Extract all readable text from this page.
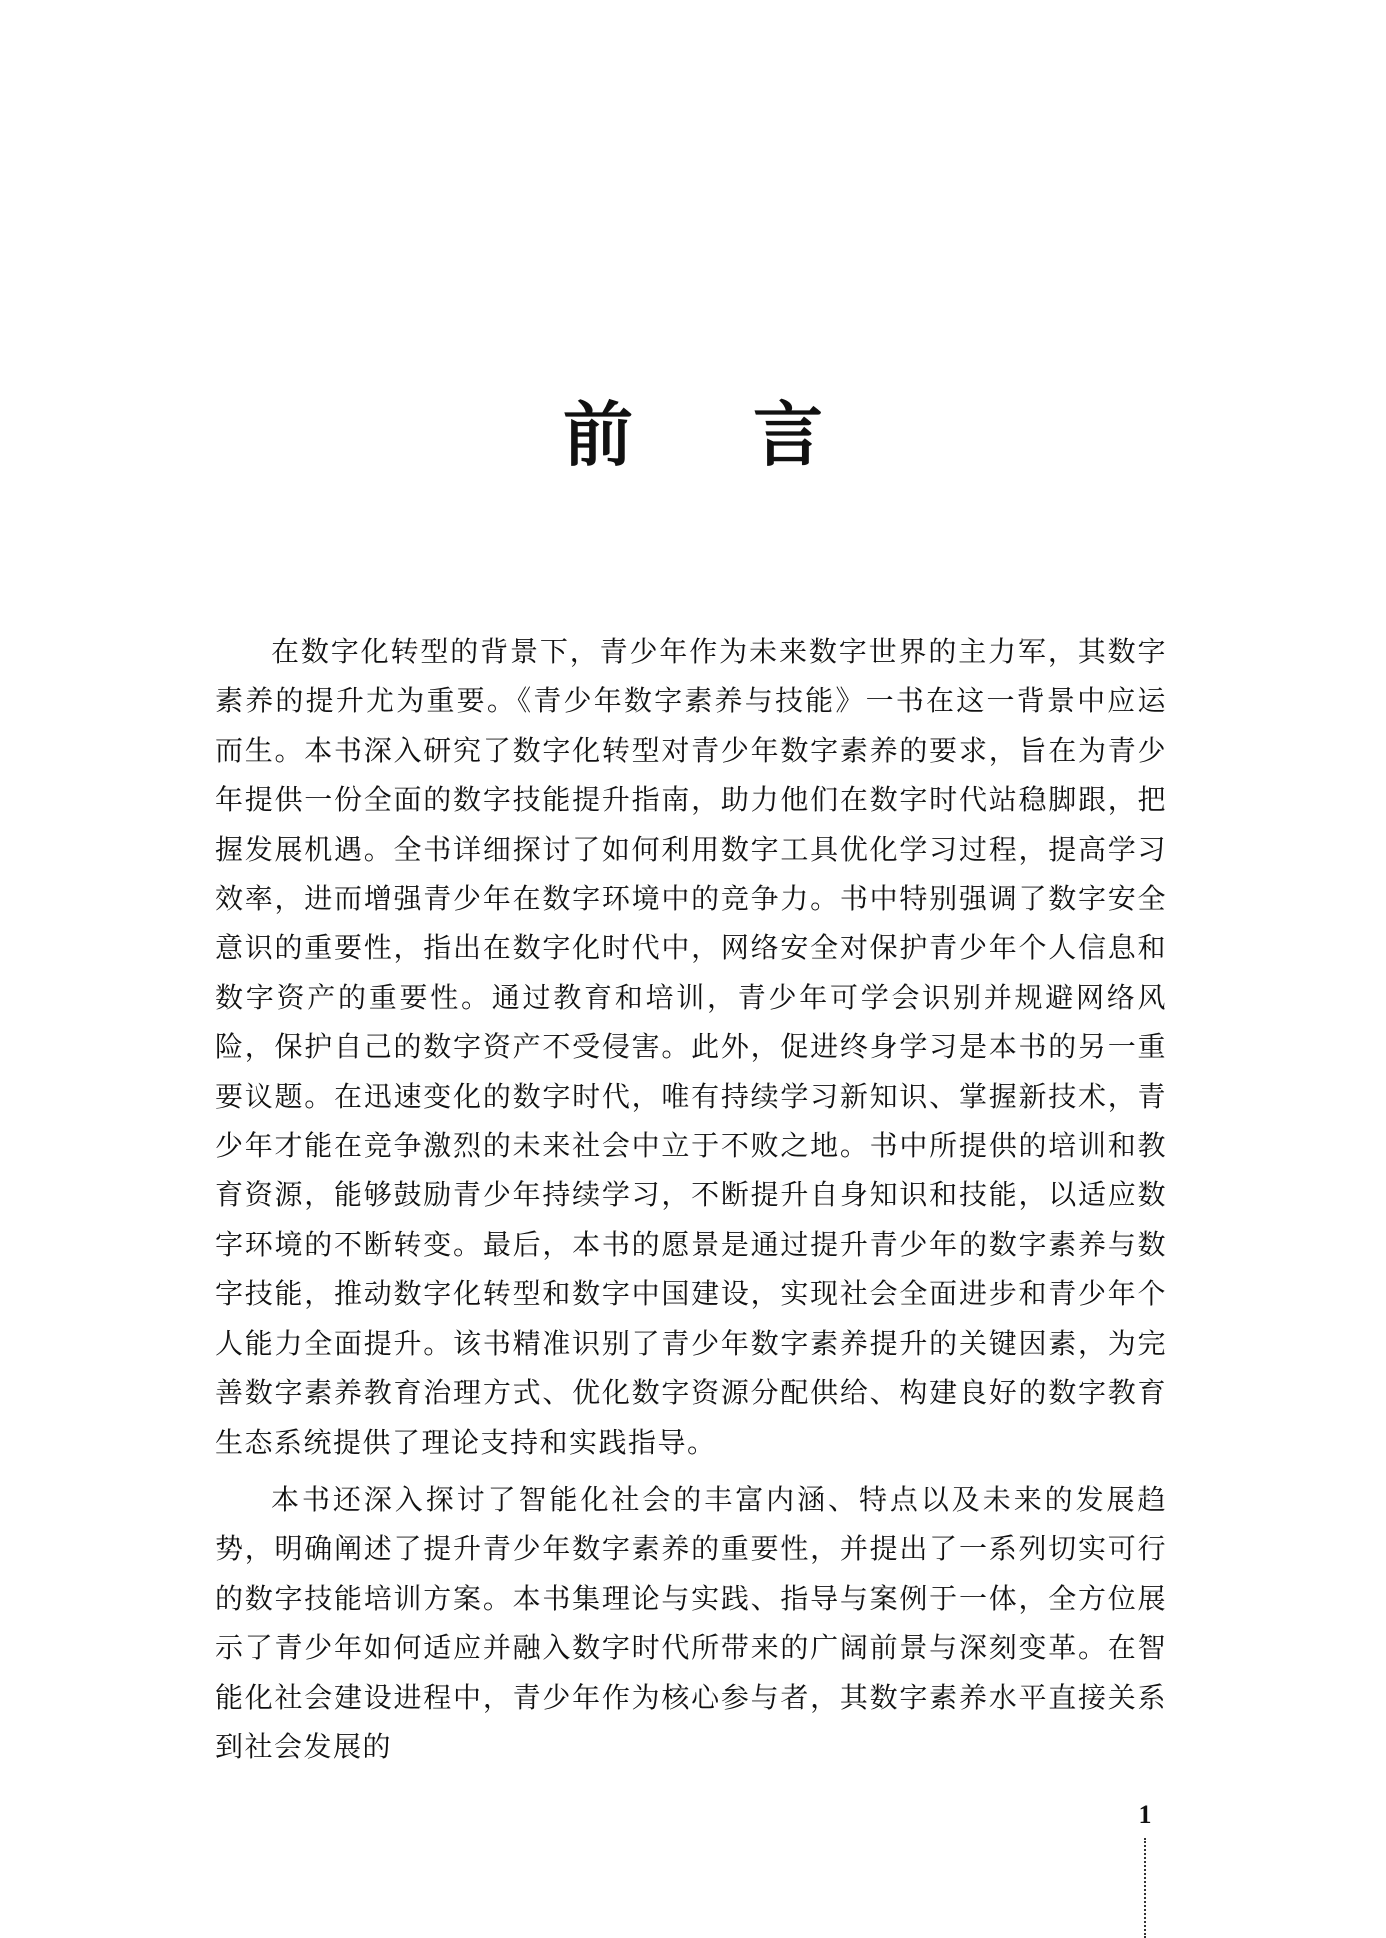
前言

在数字化转型的背景下，青少年作为未来数字世界的主力军，其数字素养的提升尤为重要。《青少年数字素养与技能》一书在这一背景中应运而生。本书深入研究了数字化转型对青少年数字素养的要求，旨在为青少年提供一份全面的数字技能提升指南，助力他们在数字时代站稳脚跟，把握发展机遇。全书详细探讨了如何利用数字工具优化学习过程，提高学习效率，进而增强青少年在数字环境中的竞争力。书中特别强调了数字安全意识的重要性，指出在数字化时代中，网络安全对保护青少年个人信息和数字资产的重要性。通过教育和培训，青少年可学会识别并规避网络风险，保护自己的数字资产不受侵害。此外，促进终身学习是本书的另一重要议题。在迅速变化的数字时代，唯有持续学习新知识、掌握新技术，青少年才能在竞争激烈的未来社会中立于不败之地。书中所提供的培训和教育资源，能够鼓励青少年持续学习，不断提升自身知识和技能，以适应数字环境的不断转变。最后，本书的愿景是通过提升青少年的数字素养与数字技能，推动数字化转型和数字中国建设，实现社会全面进步和青少年个人能力全面提升。该书精准识别了青少年数字素养提升的关键因素，为完善数字素养教育治理方式、优化数字资源分配供给、构建良好的数字教育生态系统提供了理论支持和实践指导。

本书还深入探讨了智能化社会的丰富内涵、特点以及未来的发展趋势，明确阐述了提升青少年数字素养的重要性，并提出了一系列切实可行的数字技能培训方案。本书集理论与实践、指导与案例于一体，全方位展示了青少年如何适应并融入数字时代所带来的广阔前景与深刻变革。在智能化社会建设进程中，青少年作为核心参与者，其数字素养水平直接关系到社会发展的

1
